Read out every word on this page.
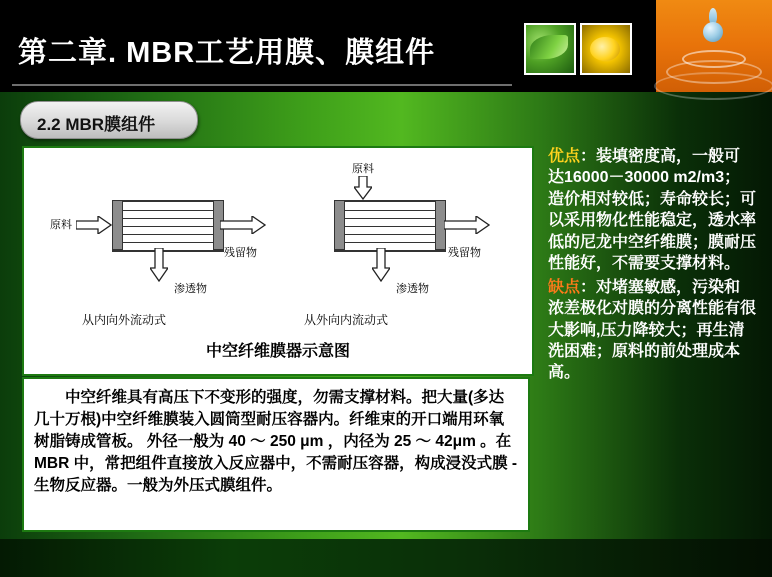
第二章. MBR工艺用膜、膜组件
2.2 MBR膜组件
原料
残留物
渗透物
从内向外流动式
原料
残留物
渗透物
从外向内流动式
中空纤维膜器示意图

中空纤维具有高压下不变形的强度，勿需支撑材料。把大量(多达几十万根)中空纤维膜装入圆筒型耐压容器内。纤维束的开口端用环氧树脂铸成管板。 外径一般为 40 ～ 250 μm ，内径为 25 ～ 42μm 。在 MBR 中，常把组件直接放入反应器中，不需耐压容器，构成浸没式膜 - 生物反应器。一般为外压式膜组件。

优点：装填密度高，一般可达16000－30000 m2/m3；造价相对较低；寿命较长；可以采用物化性能稳定，透水率低的尼龙中空纤维膜；膜耐压性能好，不需要支撑材料。
缺点：对堵塞敏感，污染和浓差极化对膜的分离性能有很大影响,压力降较大；再生清洗困难；原料的前处理成本高。
